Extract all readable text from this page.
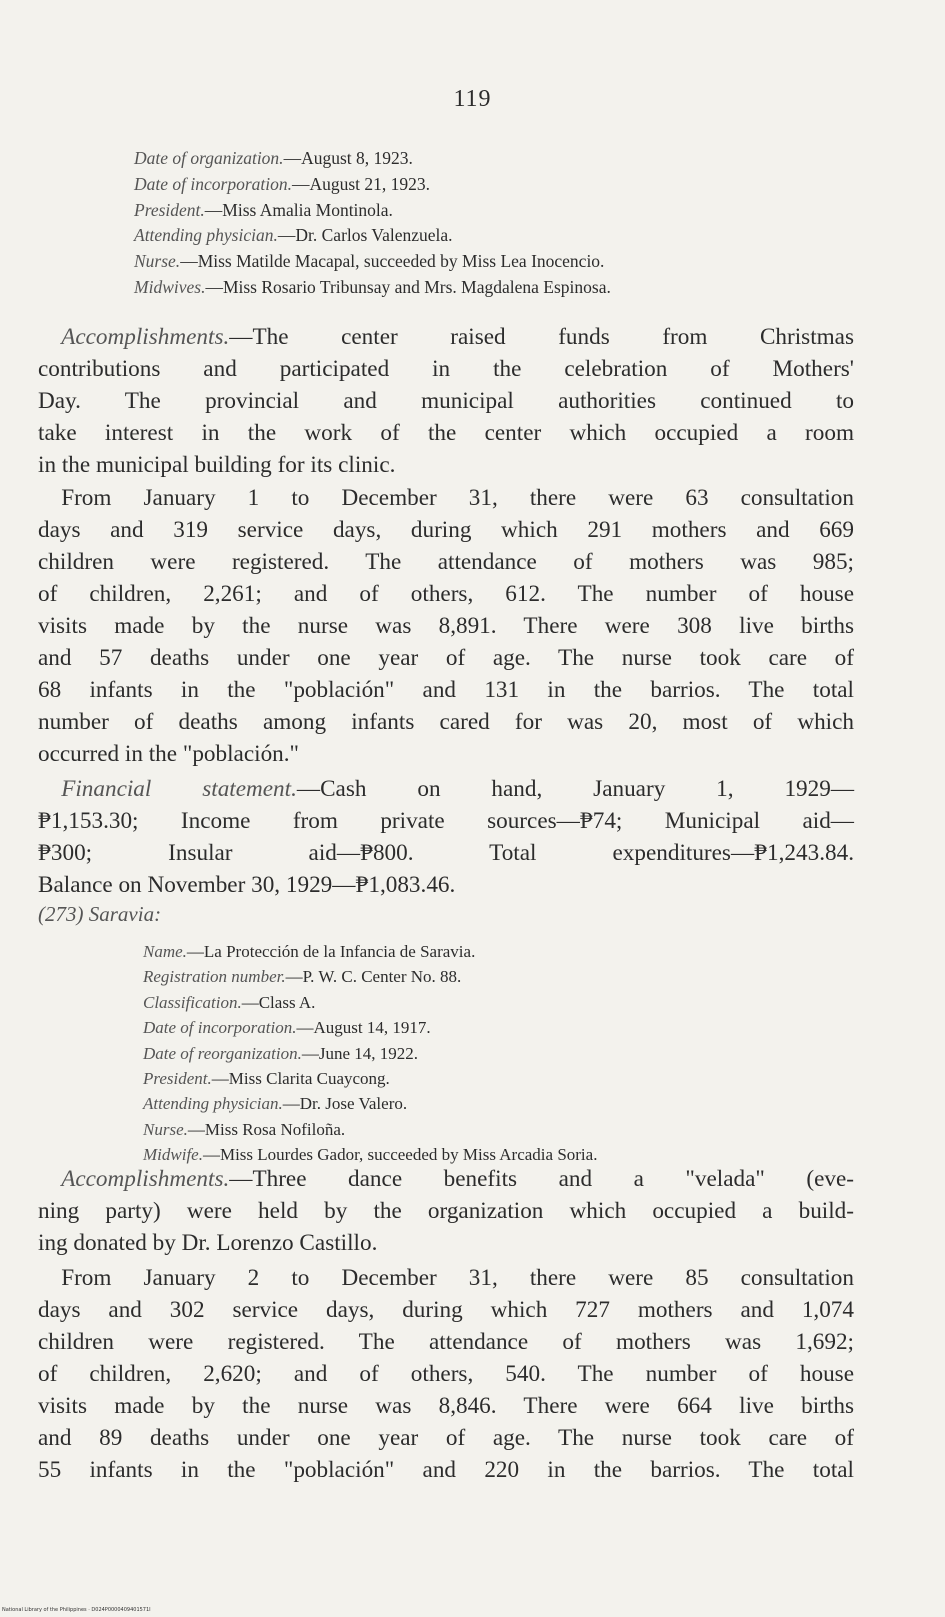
119
Date of organization.—August 8, 1923.
Date of incorporation.—August 21, 1923.
President.—Miss Amalia Montinola.
Attending physician.—Dr. Carlos Valenzuela.
Nurse.—Miss Matilde Macapal, succeeded by Miss Lea Inocencio.
Midwives.—Miss Rosario Tribunsay and Mrs. Magdalena Espinosa.
 Accomplishments.—The center raised funds from Christmas
contributions and participated in the celebration of Mothers'
Day. The provincial and municipal authorities continued to
take interest in the work of the center which occupied a room
in the municipal building for its clinic.
 From January 1 to December 31, there were 63 consultation
days and 319 service days, during which 291 mothers and 669
children were registered. The attendance of mothers was 985;
of children, 2,261; and of others, 612. The number of house
visits made by the nurse was 8,891. There were 308 live births
and 57 deaths under one year of age. The nurse took care of
68 infants in the "población" and 131 in the barrios. The total
number of deaths among infants cared for was 20, most of which
occurred in the "población."
 Financial statement.—Cash on hand, January 1, 1929—
₱1,153.30; Income from private sources—₱74; Municipal aid—
₱300; Insular aid—₱800. Total expenditures—₱1,243.84.
Balance on November 30, 1929—₱1,083.46.
(273) Saravia:
Name.—La Protección de la Infancia de Saravia.
Registration number.—P. W. C. Center No. 88.
Classification.—Class A.
Date of incorporation.—August 14, 1917.
Date of reorganization.—June 14, 1922.
President.—Miss Clarita Cuaycong.
Attending physician.—Dr. Jose Valero.
Nurse.—Miss Rosa Nofiloña.
Midwife.—Miss Lourdes Gador, succeeded by Miss Arcadia Soria.
 Accomplishments.—Three dance benefits and a "velada" (eve-
ning party) were held by the organization which occupied a build-
ing donated by Dr. Lorenzo Castillo.
 From January 2 to December 31, there were 85 consultation
days and 302 service days, during which 727 mothers and 1,074
children were registered. The attendance of mothers was 1,692;
of children, 2,620; and of others, 540. The number of house
visits made by the nurse was 8,846. There were 664 live births
and 89 deaths under one year of age. The nurse took care of
55 infants in the "población" and 220 in the barrios. The total
National Library of the Philippines · D024P0000409401571I
